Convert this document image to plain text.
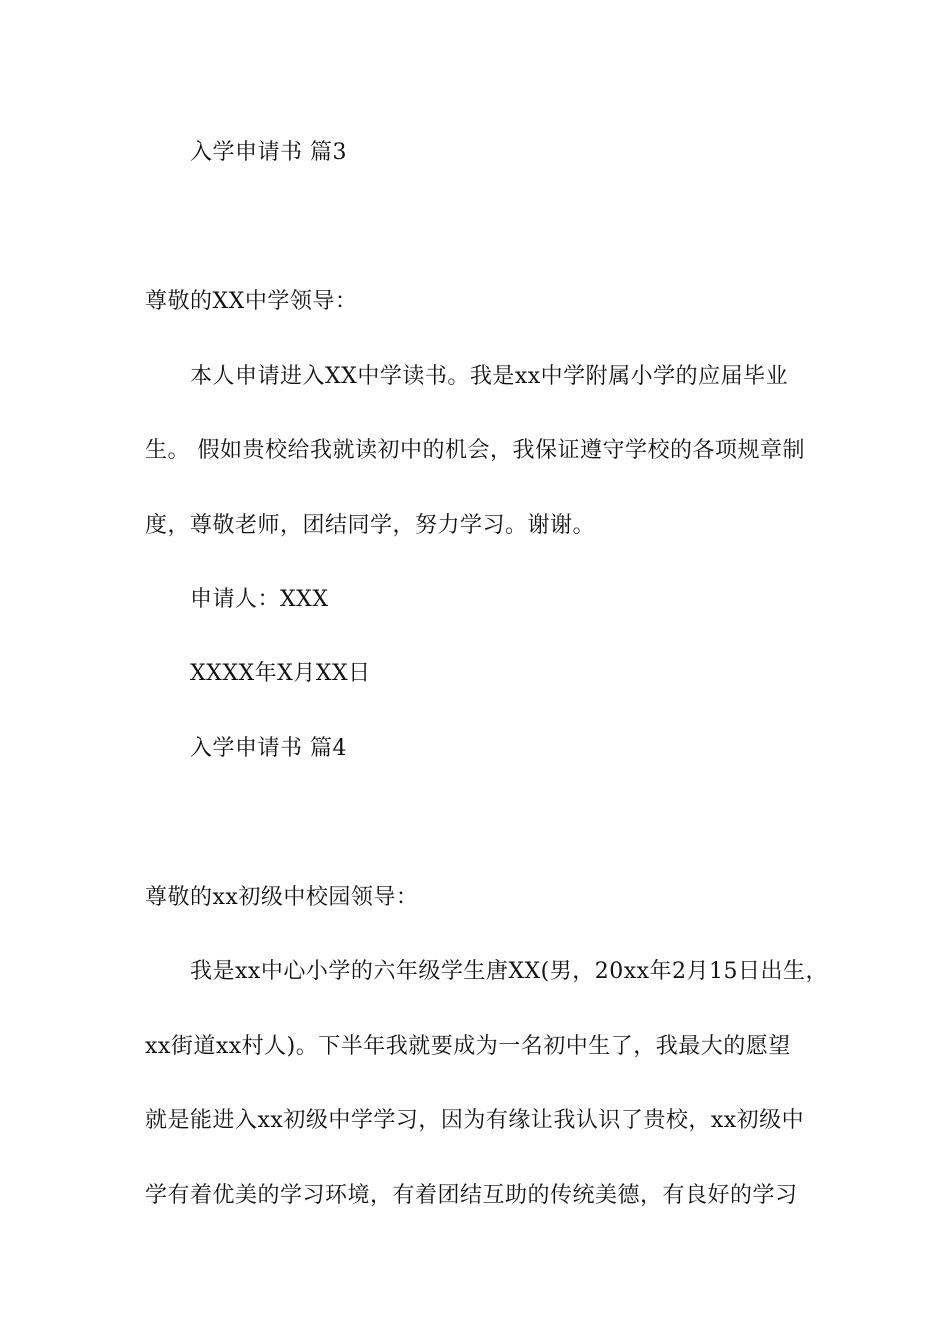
入学申请书 篇3
尊敬的XX中学领导：
本人申请进入XX中学读书。我是xx中学附属小学的应届毕业
生。 假如贵校给我就读初中的机会，我保证遵守学校的各项规章制
度，尊敬老师，团结同学，努力学习。谢谢。
申请人：XXX
XXXX年X月XX日
入学申请书 篇4
尊敬的xx初级中校园领导：
我是xx中心小学的六年级学生唐XX(男，20xx年2月15日出生，
xx街道xx村人)。下半年我就要成为一名初中生了，我最大的愿望
就是能进入xx初级中学学习，因为有缘让我认识了贵校，xx初级中
学有着优美的学习环境，有着团结互助的传统美德，有良好的学习
